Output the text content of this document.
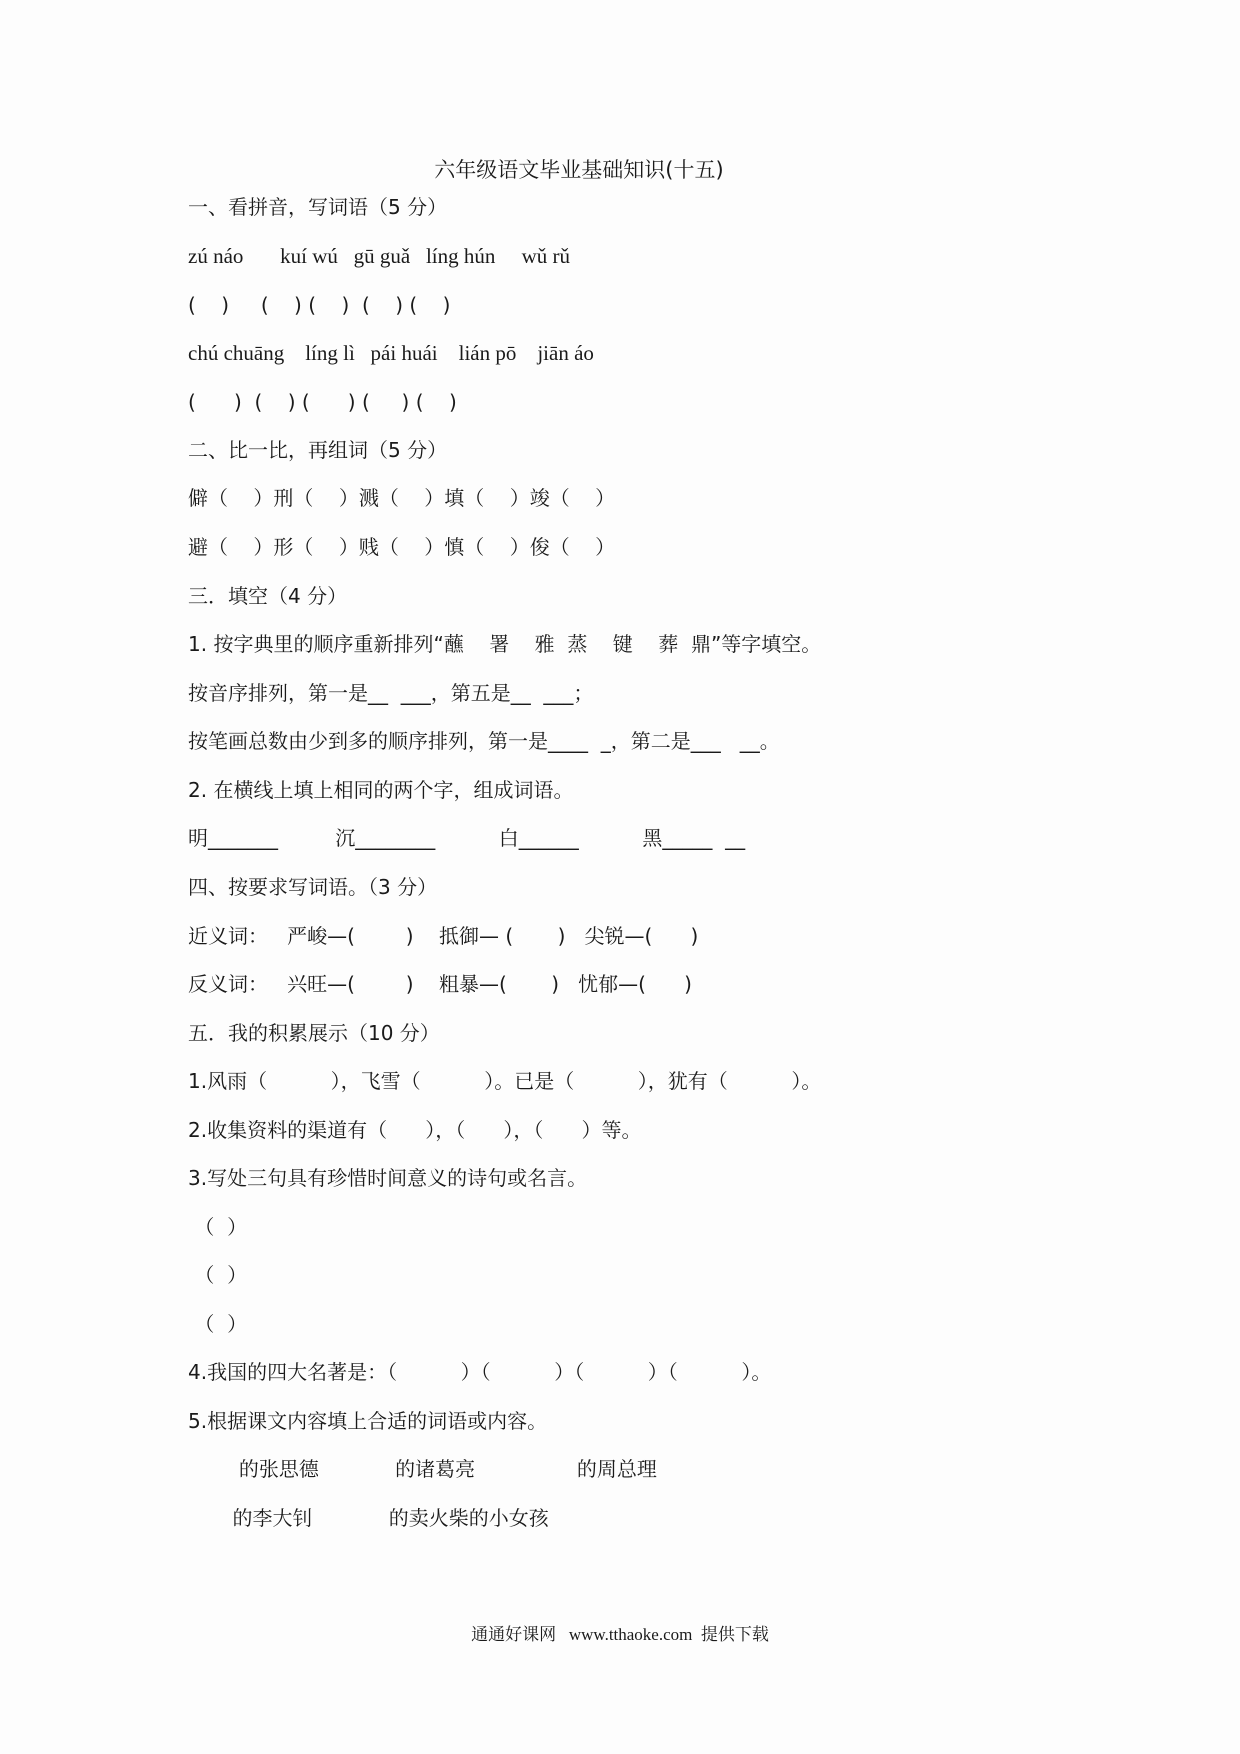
六年级语文毕业基础知识(十五)
一、看拼音，写词语（5 分）
zú náo       kuí wú   gū guǎ   líng hún     wǔ rǔ
(    )     (    ) (    )  (    ) (    )
chú chuāng    líng lì   pái huái    lián pō    jiān áo
(      )  (    ) (      ) (     ) (    )
二、比一比，再组词（5 分）
僻（    ）刑（    ）溅（    ）填（    ）竣（    ）
避（    ）形（    ）贱（    ）慎（    ）俊（    ）
三．填空（4 分）
1. 按字典里的顺序重新排列“蘸    署    雅  蒸    键    葬  鼎”等字填空。
按音序排列，第一是__  ___，第五是__  ___；
按笔画总数由少到多的顺序排列，第一是____  _，第二是___   __。
2. 在横线上填上相同的两个字，组成词语。
明_______         沉________          白______          黑_____  __
四、按要求写词语。（3 分）
近义词：   严峻—(        )    抵御— (       )   尖锐—(      )
反义词：   兴旺—(        )    粗暴—(       )   忧郁—(      )
五．我的积累展示（10 分）
1.风雨（          ），飞雪（          ）。已是（          ），犹有（          ）。
2.收集资料的渠道有（      ），（      ），（      ）等。
3.写处三句具有珍惜时间意义的诗句或名言。
（  ）
（  ）
（  ）
4.我国的四大名著是：（          ）（          ）（          ）（          ）。
5.根据课文内容填上合适的词语或内容。
的张思德            的诸葛亮                的周总理
的李大钊            的卖火柴的小女孩
通通好课网   www.tthaoke.com  提供下载
